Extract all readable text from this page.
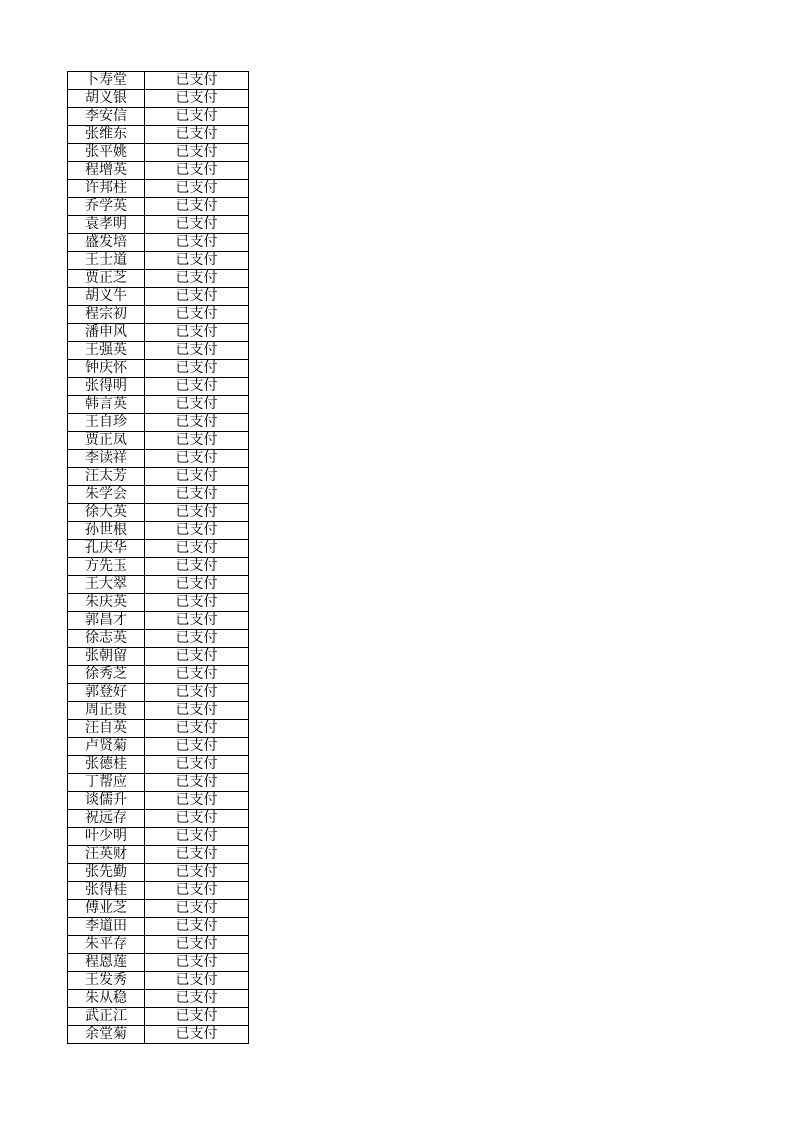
卜寿堂	已支付
胡义银	已支付
李安信	已支付
张维东	已支付
张平姚	已支付
程增英	已支付
许邦柱	已支付
乔学英	已支付
袁孝明	已支付
盛发培	已支付
王士道	已支付
贾正芝	已支付
胡义牛	已支付
程宗初	已支付
潘申风	已支付
王强英	已支付
钟庆怀	已支付
张得明	已支付
韩言英	已支付
王自珍	已支付
贾正凤	已支付
李读祥	已支付
汪太芳	已支付
朱学会	已支付
徐大英	已支付
孙世根	已支付
孔庆华	已支付
方先玉	已支付
王大翠	已支付
朱庆英	已支付
郭昌才	已支付
徐志英	已支付
张朝留	已支付
徐秀芝	已支付
郭登好	已支付
周正贵	已支付
汪自英	已支付
卢贤菊	已支付
张德桂	已支付
丁帮应	已支付
谈儒升	已支付
祝远存	已支付
叶少明	已支付
汪英财	已支付
张先勤	已支付
张得桂	已支付
傅业芝	已支付
李道田	已支付
朱平存	已支付
程恩莲	已支付
王发秀	已支付
朱从稳	已支付
武正江	已支付
余堂菊	已支付
